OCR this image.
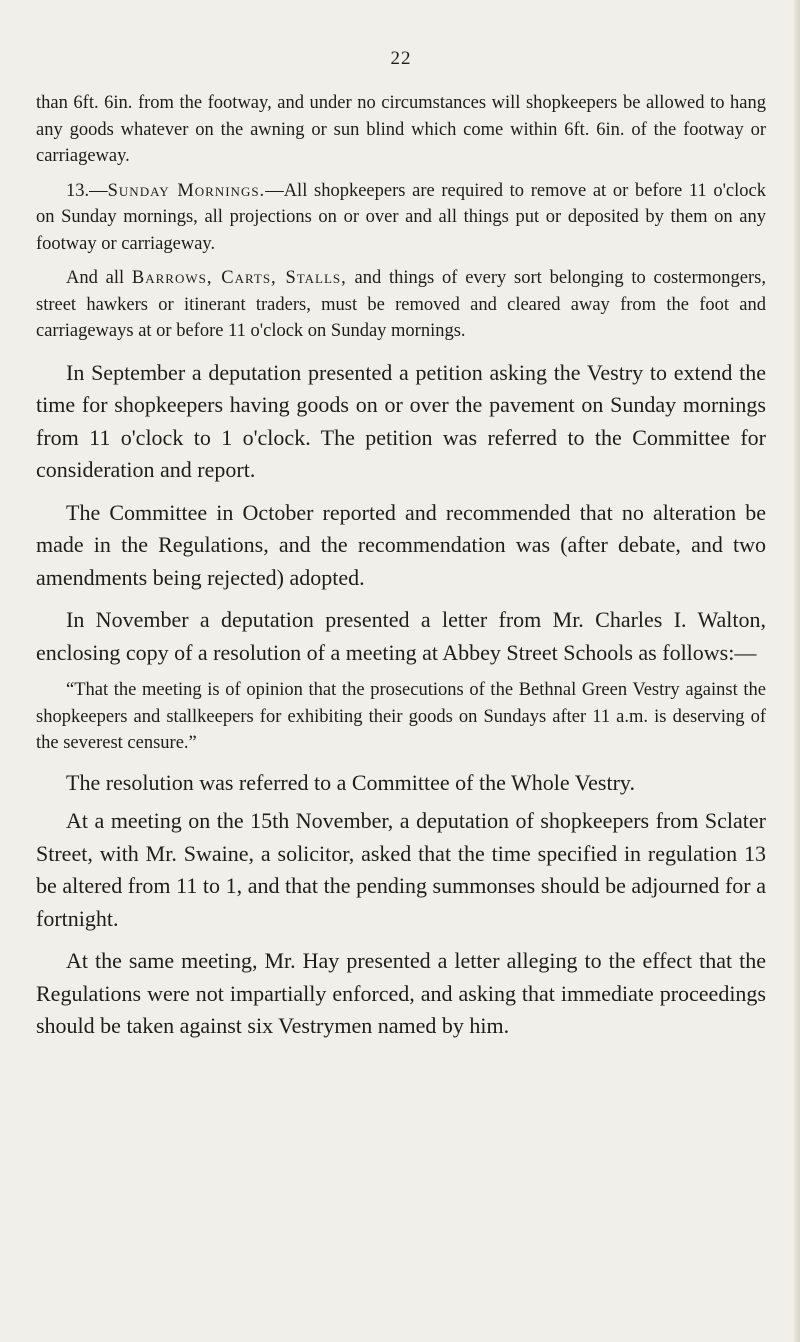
22

than 6ft. 6in. from the footway, and under no circumstances will shopkeepers be allowed to hang any goods whatever on the awning or sun blind which come within 6ft. 6in. of the footway or carriageway.

13.—Sunday Mornings.—All shopkeepers are required to remove at or before 11 o'clock on Sunday mornings, all projections on or over and all things put or deposited by them on any footway or carriageway.

And all Barrows, Carts, Stalls, and things of every sort belonging to costermongers, street hawkers or itinerant traders, must be removed and cleared away from the foot and carriageways at or before 11 o'clock on Sunday mornings.

In September a deputation presented a petition asking the Vestry to extend the time for shopkeepers having goods on or over the pavement on Sunday mornings from 11 o'clock to 1 o'clock. The petition was referred to the Committee for consideration and report.

The Committee in October reported and recommended that no alteration be made in the Regulations, and the recommendation was (after debate, and two amendments being rejected) adopted.

In November a deputation presented a letter from Mr. Charles I. Walton, enclosing copy of a resolution of a meeting at Abbey Street Schools as follows:—

“That the meeting is of opinion that the prosecutions of the Bethnal Green Vestry against the shopkeepers and stallkeepers for exhibiting their goods on Sundays after 11 a.m. is deserving of the severest censure.”

The resolution was referred to a Committee of the Whole Vestry.

At a meeting on the 15th November, a deputation of shopkeepers from Sclater Street, with Mr. Swaine, a solicitor, asked that the time specified in regulation 13 be altered from 11 to 1, and that the pending summonses should be adjourned for a fortnight.

At the same meeting, Mr. Hay presented a letter alleging to the effect that the Regulations were not impartially enforced, and asking that immediate proceedings should be taken against six Vestrymen named by him.
